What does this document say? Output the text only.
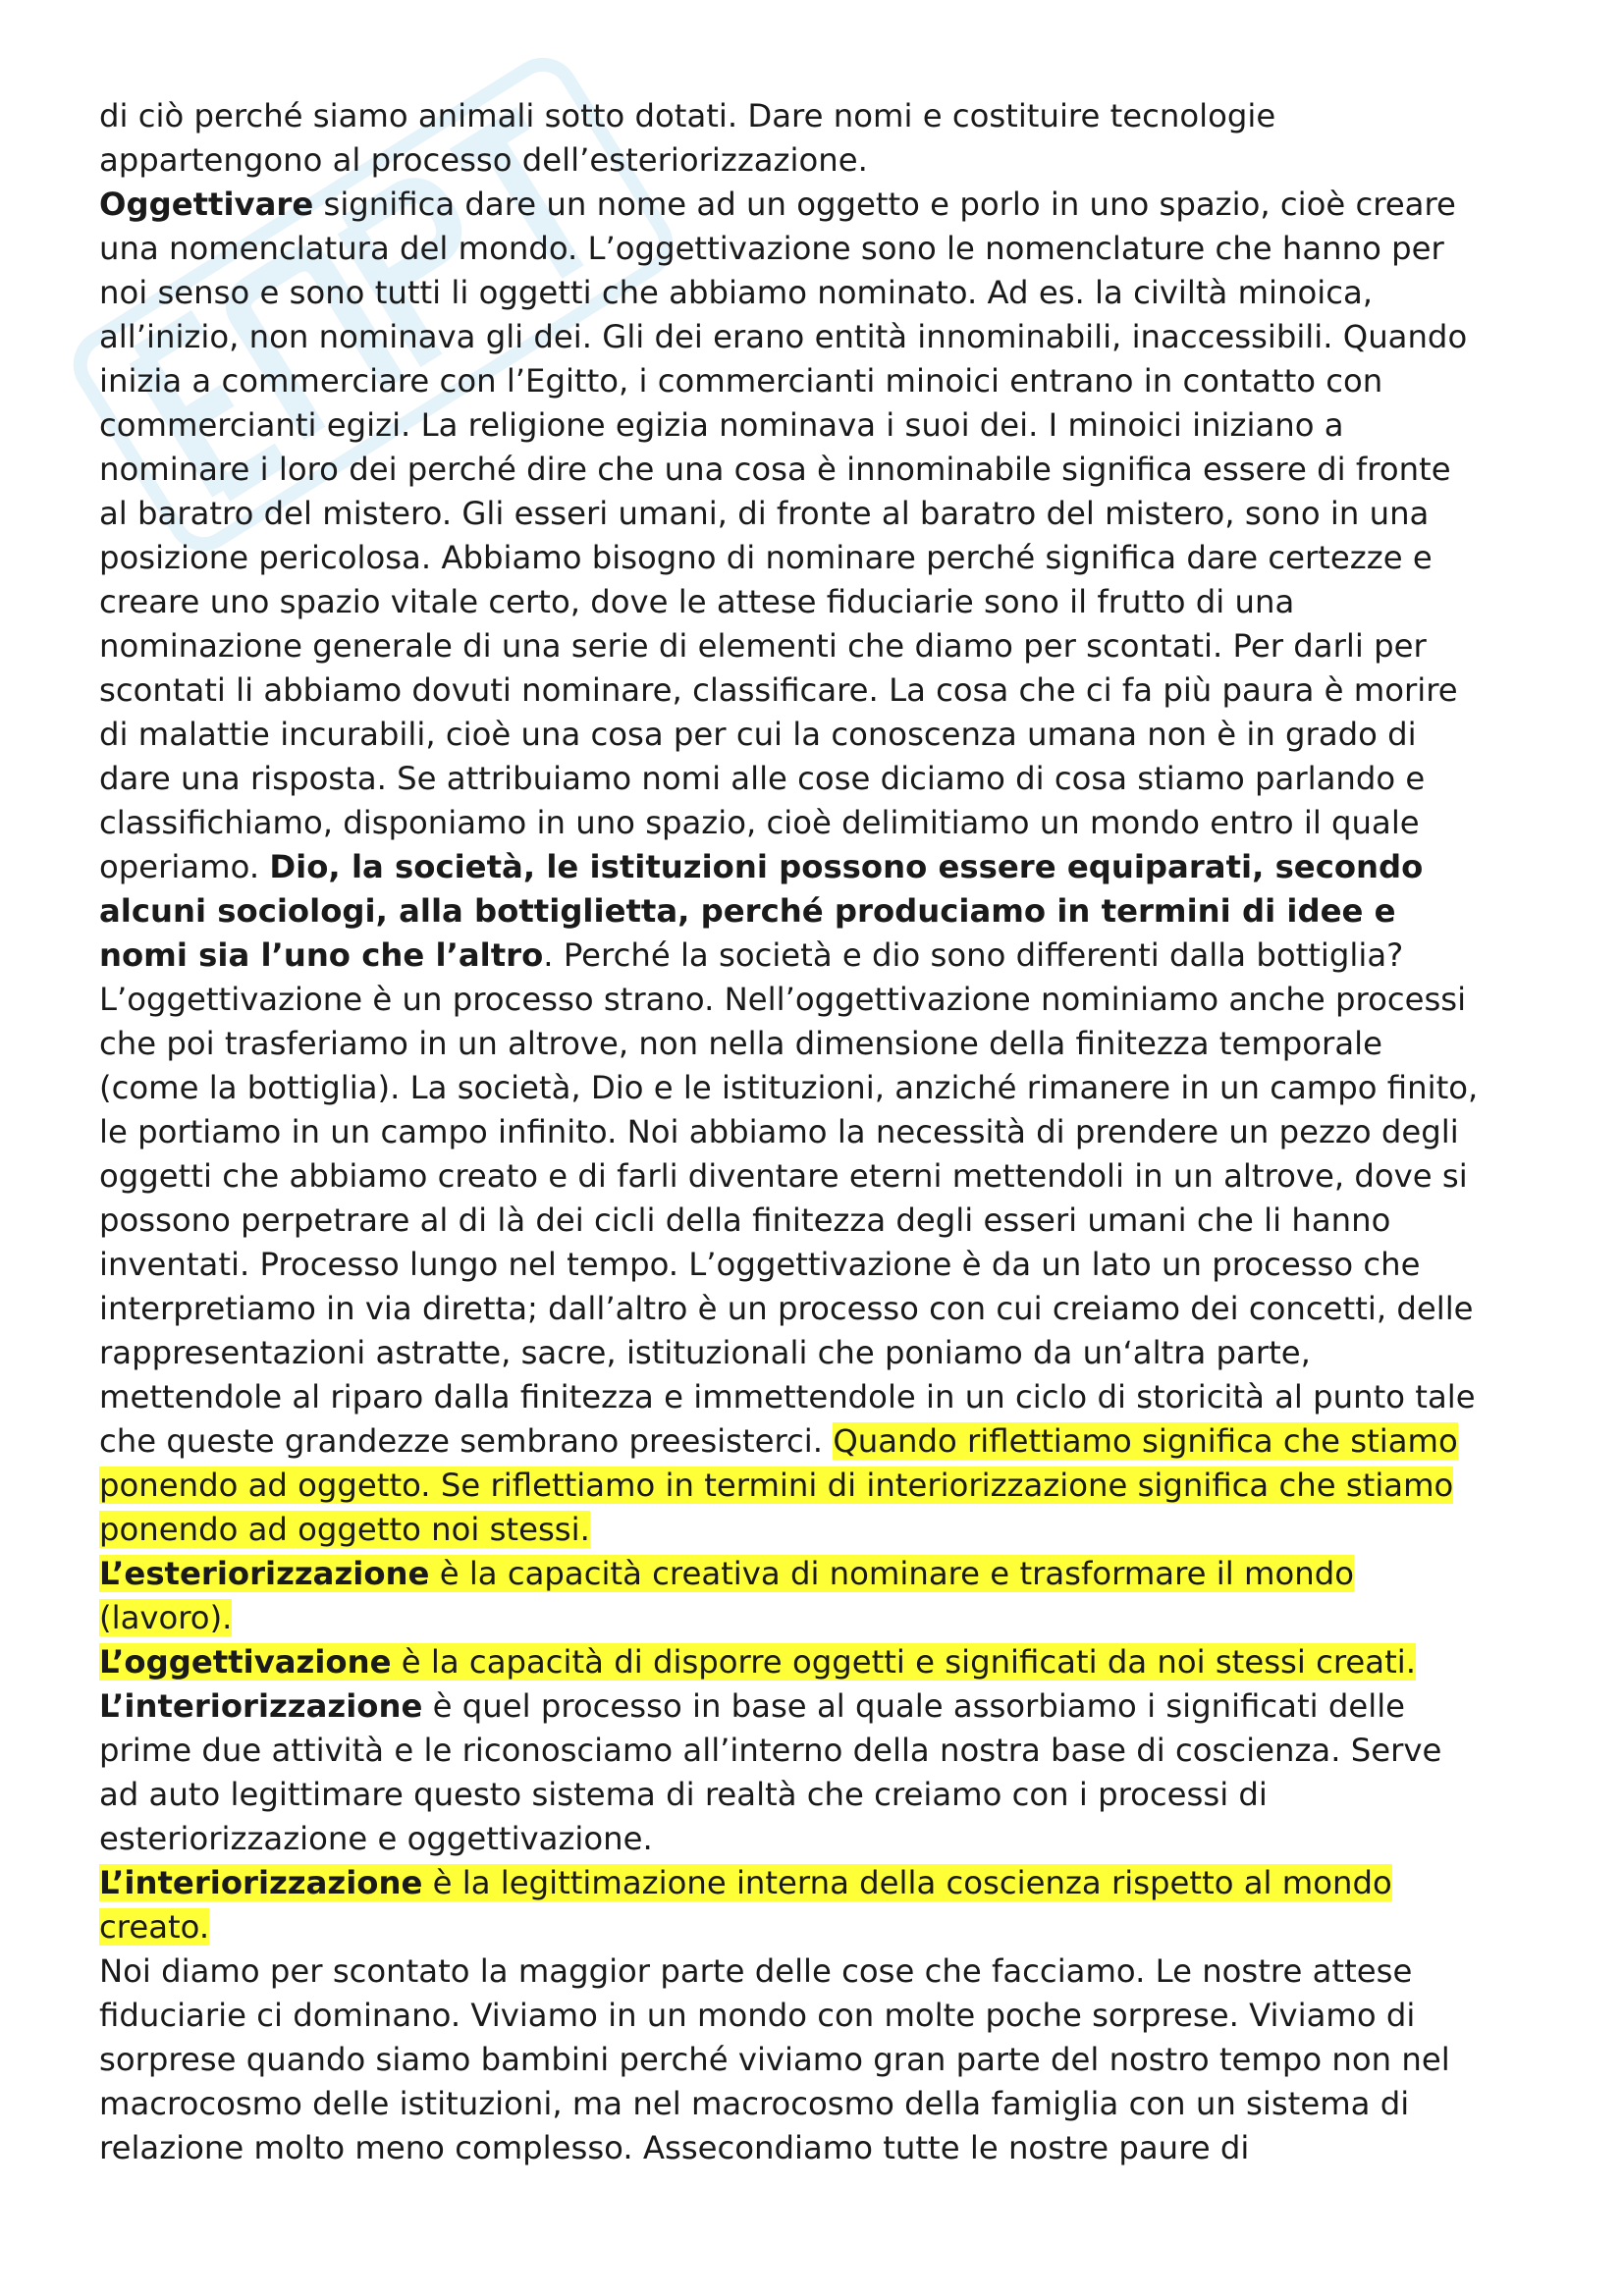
di ciò perché siamo animali sotto dotati. Dare nomi e costituire tecnologie
appartengono al processo dell’esteriorizzazione.
Oggettivare significa dare un nome ad un oggetto e porlo in uno spazio, cioè creare
una nomenclatura del mondo. L’oggettivazione sono le nomenclature che hanno per
noi senso e sono tutti li oggetti che abbiamo nominato. Ad es. la civiltà minoica,
all’inizio, non nominava gli dei. Gli dei erano entità innominabili, inaccessibili. Quando
inizia a commerciare con l’Egitto, i commercianti minoici entrano in contatto con
commercianti egizi. La religione egizia nominava i suoi dei. I minoici iniziano a
nominare i loro dei perché dire che una cosa è innominabile significa essere di fronte
al baratro del mistero. Gli esseri umani, di fronte al baratro del mistero, sono in una
posizione pericolosa. Abbiamo bisogno di nominare perché significa dare certezze e
creare uno spazio vitale certo, dove le attese fiduciarie sono il frutto di una
nominazione generale di una serie di elementi che diamo per scontati. Per darli per
scontati li abbiamo dovuti nominare, classificare. La cosa che ci fa più paura è morire
di malattie incurabili, cioè una cosa per cui la conoscenza umana non è in grado di
dare una risposta. Se attribuiamo nomi alle cose diciamo di cosa stiamo parlando e
classifichiamo, disponiamo in uno spazio, cioè delimitiamo un mondo entro il quale
operiamo. Dio, la società, le istituzioni possono essere equiparati, secondo
alcuni sociologi, alla bottiglietta, perché produciamo in termini di idee e
nomi sia l’uno che l’altro. Perché la società e dio sono differenti dalla bottiglia?
L’oggettivazione è un processo strano. Nell’oggettivazione nominiamo anche processi
che poi trasferiamo in un altrove, non nella dimensione della finitezza temporale
(come la bottiglia). La società, Dio e le istituzioni, anziché rimanere in un campo finito,
le portiamo in un campo infinito. Noi abbiamo la necessità di prendere un pezzo degli
oggetti che abbiamo creato e di farli diventare eterni mettendoli in un altrove, dove si
possono perpetrare al di là dei cicli della finitezza degli esseri umani che li hanno
inventati. Processo lungo nel tempo. L’oggettivazione è da un lato un processo che
interpretiamo in via diretta; dall’altro è un processo con cui creiamo dei concetti, delle
rappresentazioni astratte, sacre, istituzionali che poniamo da un‘altra parte,
mettendole al riparo dalla finitezza e immettendole in un ciclo di storicità al punto tale
che queste grandezze sembrano preesisterci. Quando riflettiamo significa che stiamo
ponendo ad oggetto. Se riflettiamo in termini di interiorizzazione significa che stiamo
ponendo ad oggetto noi stessi.
L’esteriorizzazione è la capacità creativa di nominare e trasformare il mondo
(lavoro).
L’oggettivazione è la capacità di disporre oggetti e significati da noi stessi creati.
L’interiorizzazione è quel processo in base al quale assorbiamo i significati delle
prime due attività e le riconosciamo all’interno della nostra base di coscienza. Serve
ad auto legittimare questo sistema di realtà che creiamo con i processi di
esteriorizzazione e oggettivazione.
L’interiorizzazione è la legittimazione interna della coscienza rispetto al mondo
creato.
Noi diamo per scontato la maggior parte delle cose che facciamo. Le nostre attese
fiduciarie ci dominano. Viviamo in un mondo con molte poche sorprese. Viviamo di
sorprese quando siamo bambini perché viviamo gran parte del nostro tempo non nel
macrocosmo delle istituzioni, ma nel macrocosmo della famiglia con un sistema di
relazione molto meno complesso. Assecondiamo tutte le nostre paure di
